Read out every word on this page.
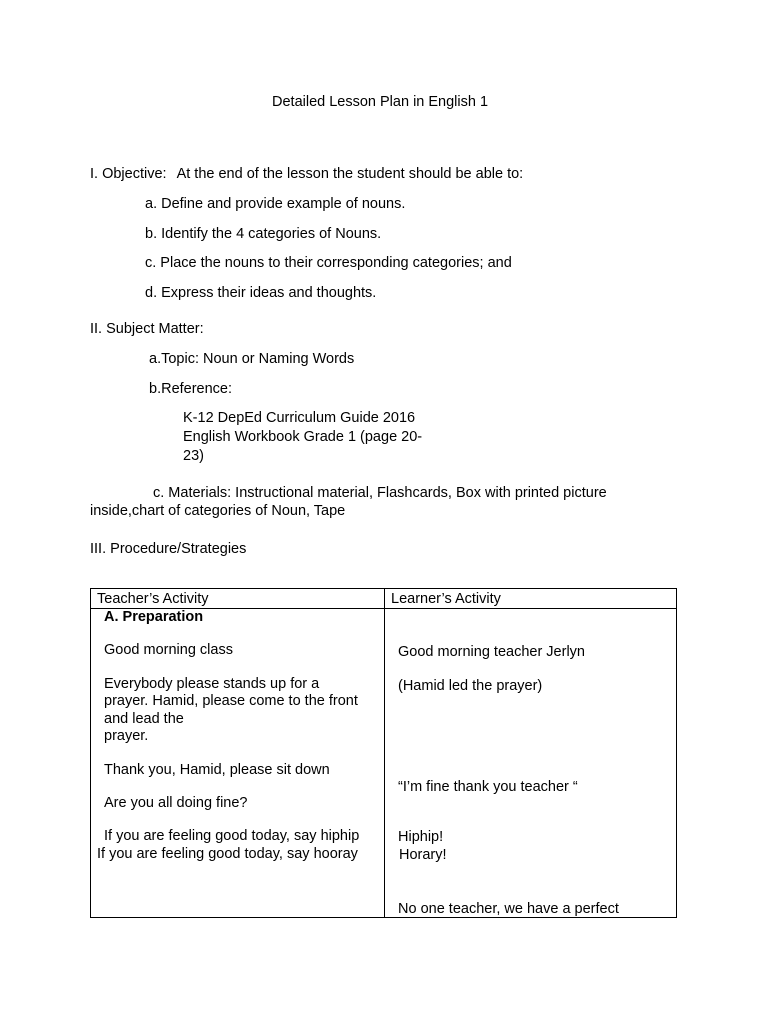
Detailed Lesson Plan in English 1
I. Objective: At the end of the lesson the student should be able to:
a. Define and provide example of nouns.
b. Identify the 4 categories of Nouns.
c. Place the nouns to their corresponding categories; and
d. Express their ideas and thoughts.
II. Subject Matter:
a.Topic: Noun or Naming Words
b.Reference:
K-12 DepEd Curriculum Guide 2016
English Workbook Grade 1 (page 20-
23)
c. Materials: Instructional material, Flashcards, Box with printed picture
inside,chart of categories of Noun, Tape
III. Procedure/Strategies
Teacher’s Activity	Learner’s Activity
A. Preparation
Good morning class
Everybody please stands up for a
prayer. Hamid, please come to the front
and lead the
prayer.
Thank you, Hamid, please sit down
Are you all doing fine?
If you are feeling good today, say hiphip
If you are feeling good today, say hooray
Good morning teacher Jerlyn
(Hamid led the prayer)
“I’m fine thank you teacher “
Hiphip!
Horary!
No one teacher, we have a perfect
